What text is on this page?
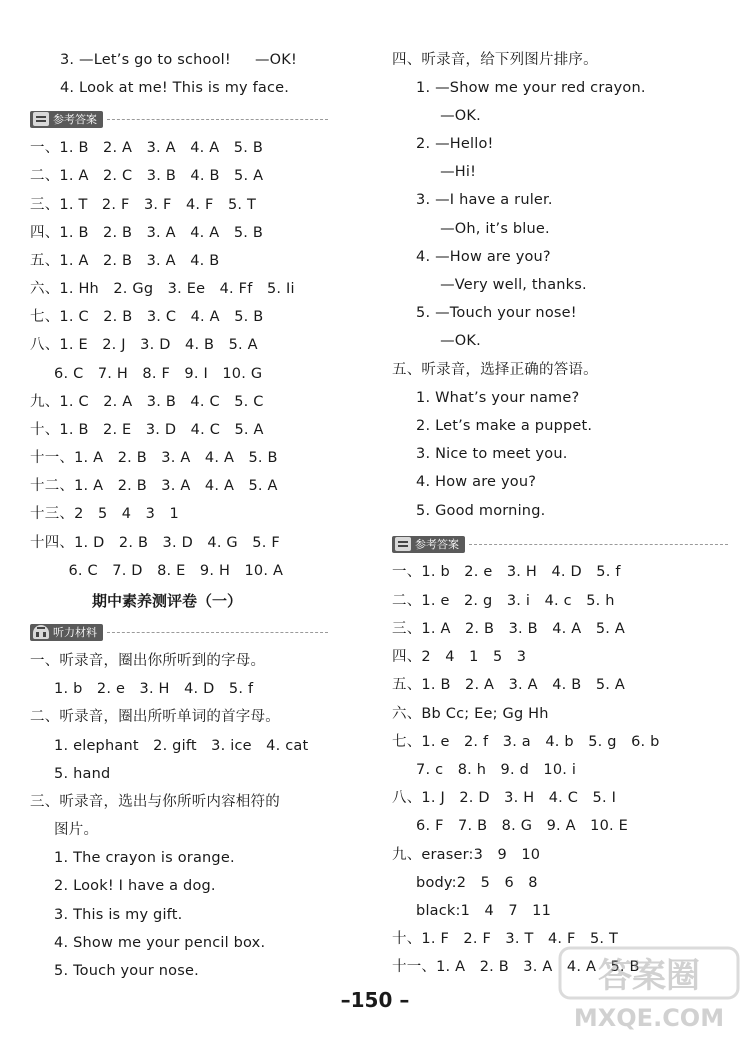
3. —Let’s go to school!     —OK!
4. Look at me! This is my face.
参考答案
一、1. B   2. A   3. A   4. A   5. B
二、1. A   2. C   3. B   4. B   5. A
三、1. T   2. F   3. F   4. F   5. T
四、1. B   2. B   3. A   4. A   5. B
五、1. A   2. B   3. A   4. B
六、1. Hh   2. Gg   3. Ee   4. Ff   5. Ii
七、1. C   2. B   3. C   4. A   5. B
八、1. E   2. J   3. D   4. B   5. A
6. C   7. H   8. F   9. I   10. G
九、1. C   2. A   3. B   4. C   5. C
十、1. B   2. E   3. D   4. C   5. A
十一、1. A   2. B   3. A   4. A   5. B
十二、1. A   2. B   3. A   4. A   5. A
十三、2   5   4   3   1
十四、1. D   2. B   3. D   4. G   5. F
6. C   7. D   8. E   9. H   10. A
期中素养测评卷（一）
听力材料
一、听录音，圈出你所听到的字母。
1. b   2. e   3. H   4. D   5. f
二、听录音，圈出所听单词的首字母。
1. elephant   2. gift   3. ice   4. cat
5. hand
三、听录音，选出与你所听内容相符的
图片。
1. The crayon is orange.
2. Look! I have a dog.
3. This is my gift.
4. Show me your pencil box.
5. Touch your nose.
四、听录音，给下列图片排序。
1. —Show me your red crayon.
—OK.
2. —Hello!
—Hi!
3. —I have a ruler.
—Oh, it’s blue.
4. —How are you?
—Very well, thanks.
5. —Touch your nose!
—OK.
五、听录音，选择正确的答语。
1. What’s your name?
2. Let’s make a puppet.
3. Nice to meet you.
4. How are you?
5. Good morning.
参考答案
一、1. b   2. e   3. H   4. D   5. f
二、1. e   2. g   3. i   4. c   5. h
三、1. A   2. B   3. B   4. A   5. A
四、2   4   1   5   3
五、1. B   2. A   3. A   4. B   5. A
六、Bb Cc; Ee; Gg Hh
七、1. e   2. f   3. a   4. b   5. g   6. b
7. c   8. h   9. d   10. i
八、1. J   2. D   3. H   4. C   5. I
6. F   7. B   8. G   9. A   10. E
九、eraser:3   9   10
body:2   5   6   8
black:1   4   7   11
十、1. F   2. F   3. T   4. F   5. T
十一、1. A   2. B   3. A   4. A   5. B
–150 –
答案圈
MXQE.COM
